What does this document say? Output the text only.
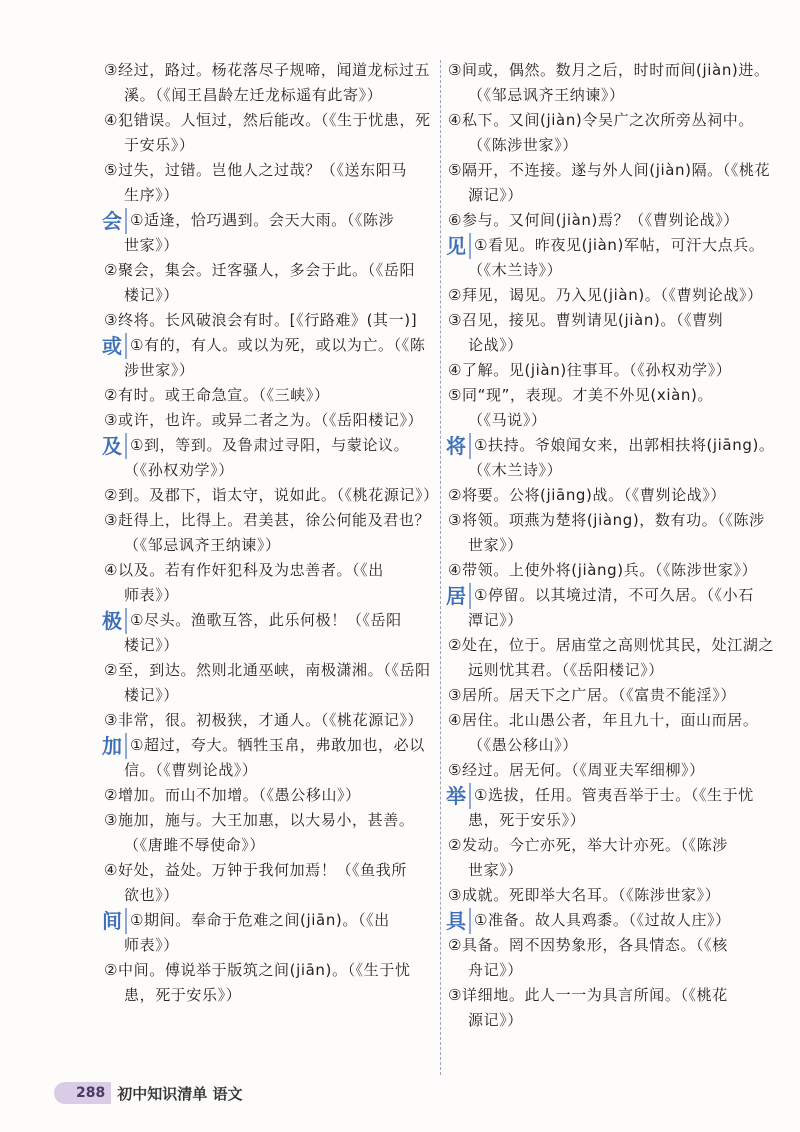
③经过，路过。杨花落尽子规啼，闻道龙标过五
溪。（《闻王昌龄左迁龙标遥有此寄》）
④犯错误。人恒过，然后能改。（《生于忧患，死
于安乐》）
⑤过失，过错。岂他人之过哉？（《送东阳马
生序》）
会 ①适逢，恰巧遇到。会天大雨。（《陈涉
世家》）
②聚会，集会。迁客骚人，多会于此。（《岳阳
楼记》）
③终将。长风破浪会有时。[《行路难》(其一)]
或 ①有的，有人。或以为死，或以为亡。（《陈
涉世家》）
②有时。或王命急宣。（《三峡》）
③或许，也许。或异二者之为。（《岳阳楼记》）
及 ①到，等到。及鲁肃过寻阳，与蒙论议。
（《孙权劝学》）
②到。及郡下，诣太守，说如此。（《桃花源记》）
③赶得上，比得上。君美甚，徐公何能及君也？
（《邹忌讽齐王纳谏》）
④以及。若有作奸犯科及为忠善者。（《出
师表》）
极 ①尽头。渔歌互答，此乐何极！（《岳阳
楼记》）
②至，到达。然则北通巫峡，南极潇湘。（《岳阳
楼记》）
③非常，很。初极狭，才通人。（《桃花源记》）
加 ①超过，夸大。牺牲玉帛，弗敢加也，必以
信。（《曹刿论战》）
②增加。而山不加增。（《愚公移山》）
③施加，施与。大王加惠，以大易小，甚善。
（《唐雎不辱使命》）
④好处，益处。万钟于我何加焉！（《鱼我所
欲也》）
间 ①期间。奉命于危难之间(jiān)。（《出
师表》）
②中间。傅说举于版筑之间(jiān)。（《生于忧
患，死于安乐》）
③间或，偶然。数月之后，时时而间(jiàn)进。
（《邹忌讽齐王纳谏》）
④私下。又间(jiàn)令吴广之次所旁丛祠中。
（《陈涉世家》）
⑤隔开，不连接。遂与外人间(jiàn)隔。（《桃花
源记》）
⑥参与。又何间(jiàn)焉？（《曹刿论战》）
见 ①看见。昨夜见(jiàn)军帖，可汗大点兵。
（《木兰诗》）
②拜见，谒见。乃入见(jiàn)。（《曹刿论战》）
③召见，接见。曹刿请见(jiàn)。（《曹刿
论战》）
④了解。见(jiàn)往事耳。（《孙权劝学》）
⑤同“现”，表现。才美不外见(xiàn)。
（《马说》）
将 ①扶持。爷娘闻女来，出郭相扶将(jiāng)。
（《木兰诗》）
②将要。公将(jiāng)战。（《曹刿论战》）
③将领。项燕为楚将(jiàng)，数有功。（《陈涉
世家》）
④带领。上使外将(jiàng)兵。（《陈涉世家》）
居 ①停留。以其境过清，不可久居。（《小石
潭记》）
②处在，位于。居庙堂之高则忧其民，处江湖之
远则忧其君。（《岳阳楼记》）
③居所。居天下之广居。（《富贵不能淫》）
④居住。北山愚公者，年且九十，面山而居。
（《愚公移山》）
⑤经过。居无何。（《周亚夫军细柳》）
举 ①选拔，任用。管夷吾举于士。（《生于忧
患，死于安乐》）
②发动。今亡亦死，举大计亦死。（《陈涉
世家》）
③成就。死即举大名耳。（《陈涉世家》）
具 ①准备。故人具鸡黍。（《过故人庄》）
②具备。罔不因势象形，各具情态。（《核
舟记》）
③详细地。此人一一为具言所闻。（《桃花
源记》）
288 初中知识清单 语文
